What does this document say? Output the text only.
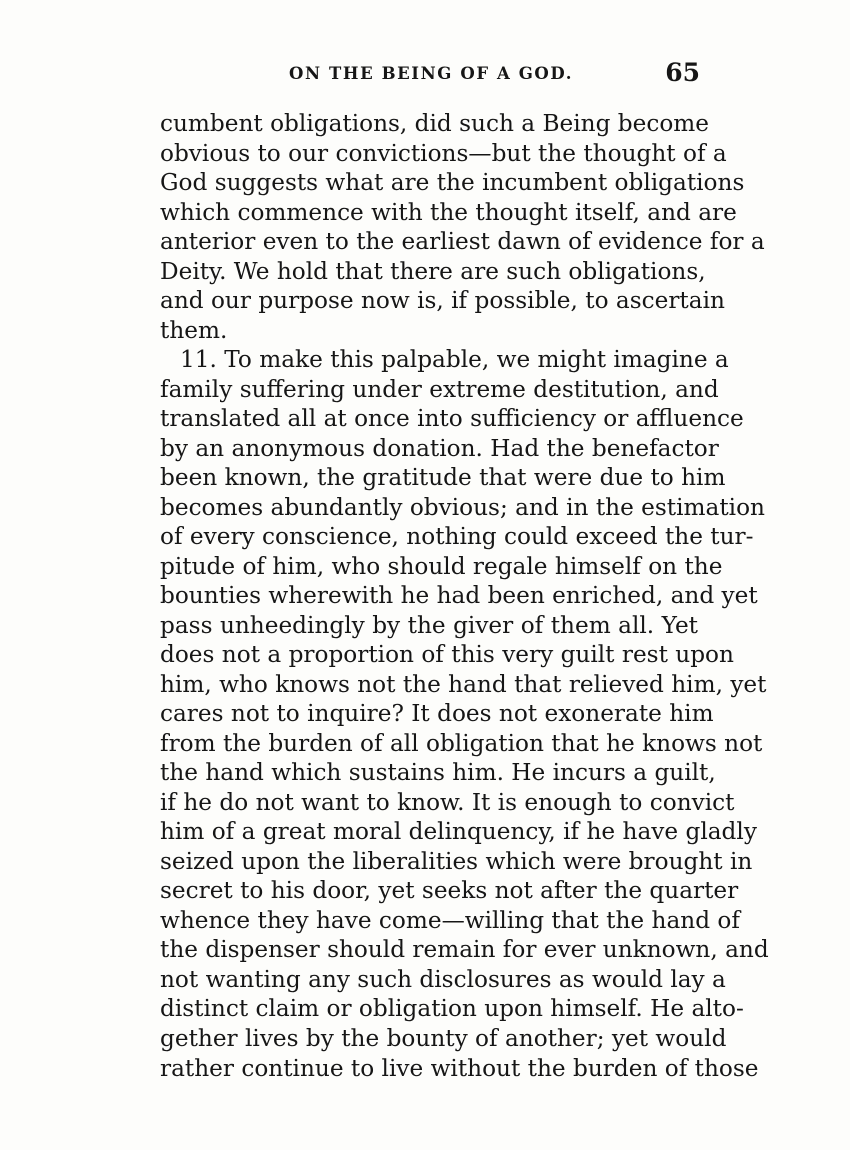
ON THE BEING OF A GOD.	65
cumbent obligations, did such a Being become
obvious to our convictions—but the thought of a
God suggests what are the incumbent obligations
which commence with the thought itself, and are
anterior even to the earliest dawn of evidence for a
Deity. We hold that there are such obligations,
and our purpose now is, if possible, to ascertain
them.
11. To make this palpable, we might imagine a
family suffering under extreme destitution, and
translated all at once into sufficiency or affluence
by an anonymous donation. Had the benefactor
been known, the gratitude that were due to him
becomes abundantly obvious; and in the estimation
of every conscience, nothing could exceed the tur-
pitude of him, who should regale himself on the
bounties wherewith he had been enriched, and yet
pass unheedingly by the giver of them all. Yet
does not a proportion of this very guilt rest upon
him, who knows not the hand that relieved him, yet
cares not to inquire? It does not exonerate him
from the burden of all obligation that he knows not
the hand which sustains him. He incurs a guilt,
if he do not want to know. It is enough to convict
him of a great moral delinquency, if he have gladly
seized upon the liberalities which were brought in
secret to his door, yet seeks not after the quarter
whence they have come—willing that the hand of
the dispenser should remain for ever unknown, and
not wanting any such disclosures as would lay a
distinct claim or obligation upon himself. He alto-
gether lives by the bounty of another; yet would
rather continue to live without the burden of those
